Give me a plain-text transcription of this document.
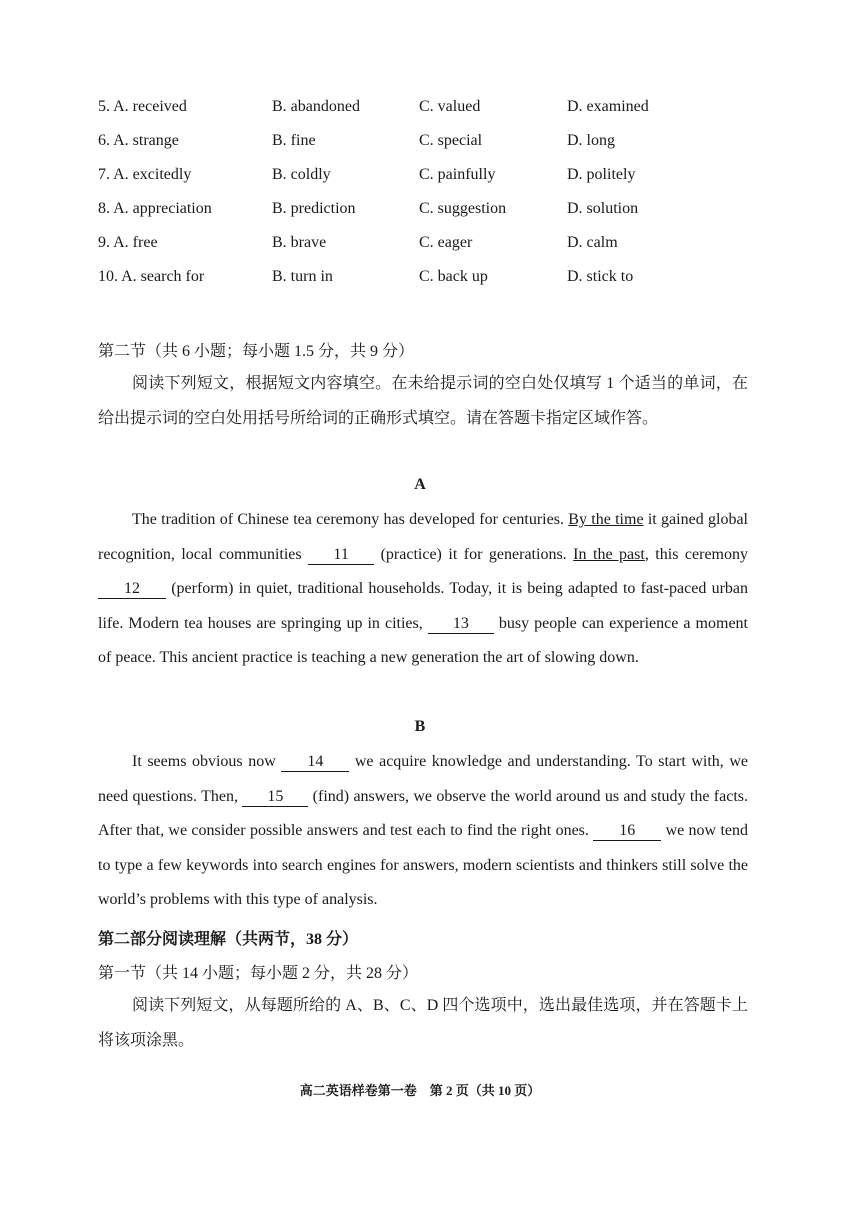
5. A. received	B. abandoned	C. valued	D. examined
6. A. strange	B. fine	C. special	D. long
7. A. excitedly	B. coldly	C. painfully	D. politely
8. A. appreciation	B. prediction	C. suggestion	D. solution
9. A. free	B. brave	C. eager	D. calm
10. A. search for	B. turn in	C. back up	D. stick to
第二节（共 6 小题；每小题 1.5 分，共 9 分）
阅读下列短文，根据短文内容填空。在未给提示词的空白处仅填写 1 个适当的单词，在给出提示词的空白处用括号所给词的正确形式填空。请在答题卡指定区域作答。
A
The tradition of Chinese tea ceremony has developed for centuries. By the time it gained global recognition, local communities 11 (practice) it for generations. In the past, this ceremony 12 (perform) in quiet, traditional households. Today, it is being adapted to fast-paced urban life. Modern tea houses are springing up in cities, 13 busy people can experience a moment of peace. This ancient practice is teaching a new generation the art of slowing down.
B
It seems obvious now 14 we acquire knowledge and understanding. To start with, we need questions. Then, 15 (find) answers, we observe the world around us and study the facts. After that, we consider possible answers and test each to find the right ones. 16 we now tend to type a few keywords into search engines for answers, modern scientists and thinkers still solve the world’s problems with this type of analysis.
第二部分阅读理解（共两节，38 分）
第一节（共 14 小题；每小题 2 分，共 28 分）
阅读下列短文，从每题所给的 A、B、C、D 四个选项中，选出最佳选项，并在答题卡上将该项涂黑。
高二英语样卷第一卷　第 2 页（共 10 页）
